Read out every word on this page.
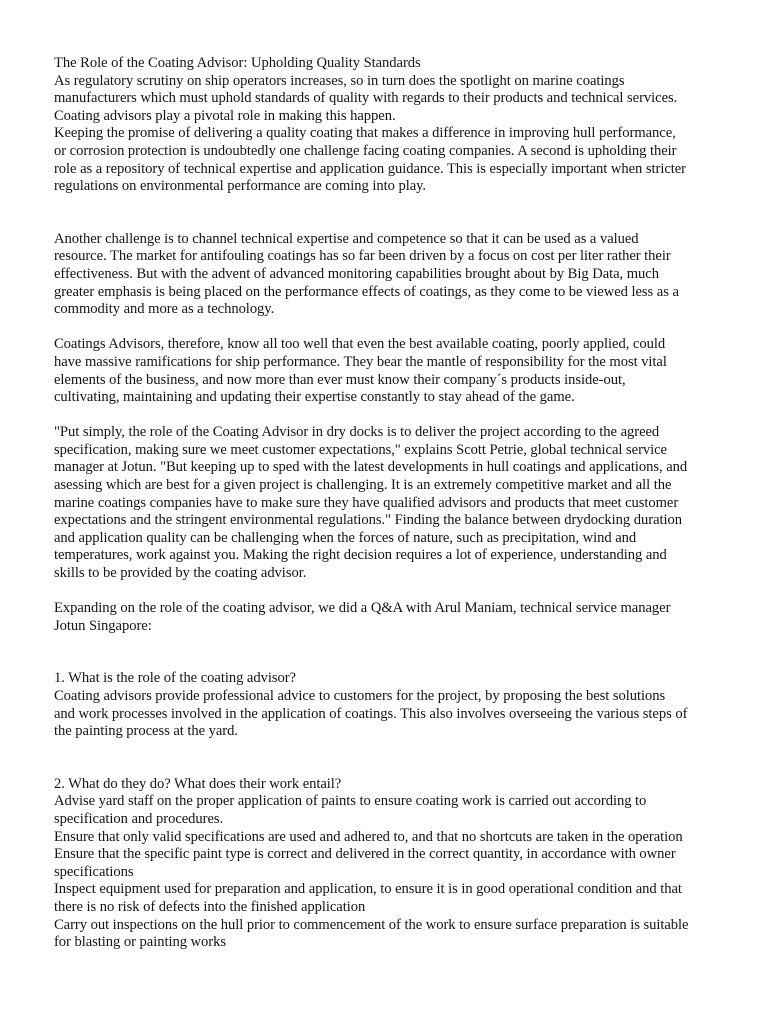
The Role of the Coating Advisor: Upholding Quality Standards
As regulatory scrutiny on ship operators increases, so in turn does the spotlight on marine coatings
manufacturers which must uphold standards of quality with regards to their products and technical services.
Coating advisors play a pivotal role in making this happen.
Keeping the promise of delivering a quality coating that makes a difference in improving hull performance,
or corrosion protection is undoubtedly one challenge facing coating companies. A second is upholding their
role as a repository of technical expertise and application guidance. This is especially important when stricter
regulations on environmental performance are coming into play.
Another challenge is to channel technical expertise and competence so that it can be used as a valued
resource. The market for antifouling coatings has so far been driven by a focus on cost per liter rather their
effectiveness. But with the advent of advanced monitoring capabilities brought about by Big Data, much
greater emphasis is being placed on the performance effects of coatings, as they come to be viewed less as a
commodity and more as a technology.
Coatings Advisors, therefore, know all too well that even the best available coating, poorly applied, could
have massive ramifications for ship performance. They bear the mantle of responsibility for the most vital
elements of the business, and now more than ever must know their company´s products inside-out,
cultivating, maintaining and updating their expertise constantly to stay ahead of the game.
"Put simply, the role of the Coating Advisor in dry docks is to deliver the project according to the agreed
specification, making sure we meet customer expectations," explains Scott Petrie, global technical service
manager at Jotun. "But keeping up to sped with the latest developments in hull coatings and applications, and
asessing which are best for a given project is challenging. It is an extremely competitive market and all the
marine coatings companies have to make sure they have qualified advisors and products that meet customer
expectations and the stringent environmental regulations." Finding the balance between drydocking duration
and application quality can be challenging when the forces of nature, such as precipitation, wind and
temperatures, work against you. Making the right decision requires a lot of experience, understanding and
skills to be provided by the coating advisor.
Expanding on the role of the coating advisor, we did a Q&A with Arul Maniam, technical service manager
Jotun Singapore:
1. What is the role of the coating advisor?
Coating advisors provide professional advice to customers for the project, by proposing the best solutions
and work processes involved in the application of coatings. This also involves overseeing the various steps of
the painting process at the yard.
2. What do they do? What does their work entail?
Advise yard staff on the proper application of paints to ensure coating work is carried out according to
specification and procedures.
Ensure that only valid specifications are used and adhered to, and that no shortcuts are taken in the operation
Ensure that the specific paint type is correct and delivered in the correct quantity, in accordance with owner
specifications
Inspect equipment used for preparation and application, to ensure it is in good operational condition and that
there is no risk of defects into the finished application
Carry out inspections on the hull prior to commencement of the work to ensure surface preparation is suitable
for blasting or painting works
